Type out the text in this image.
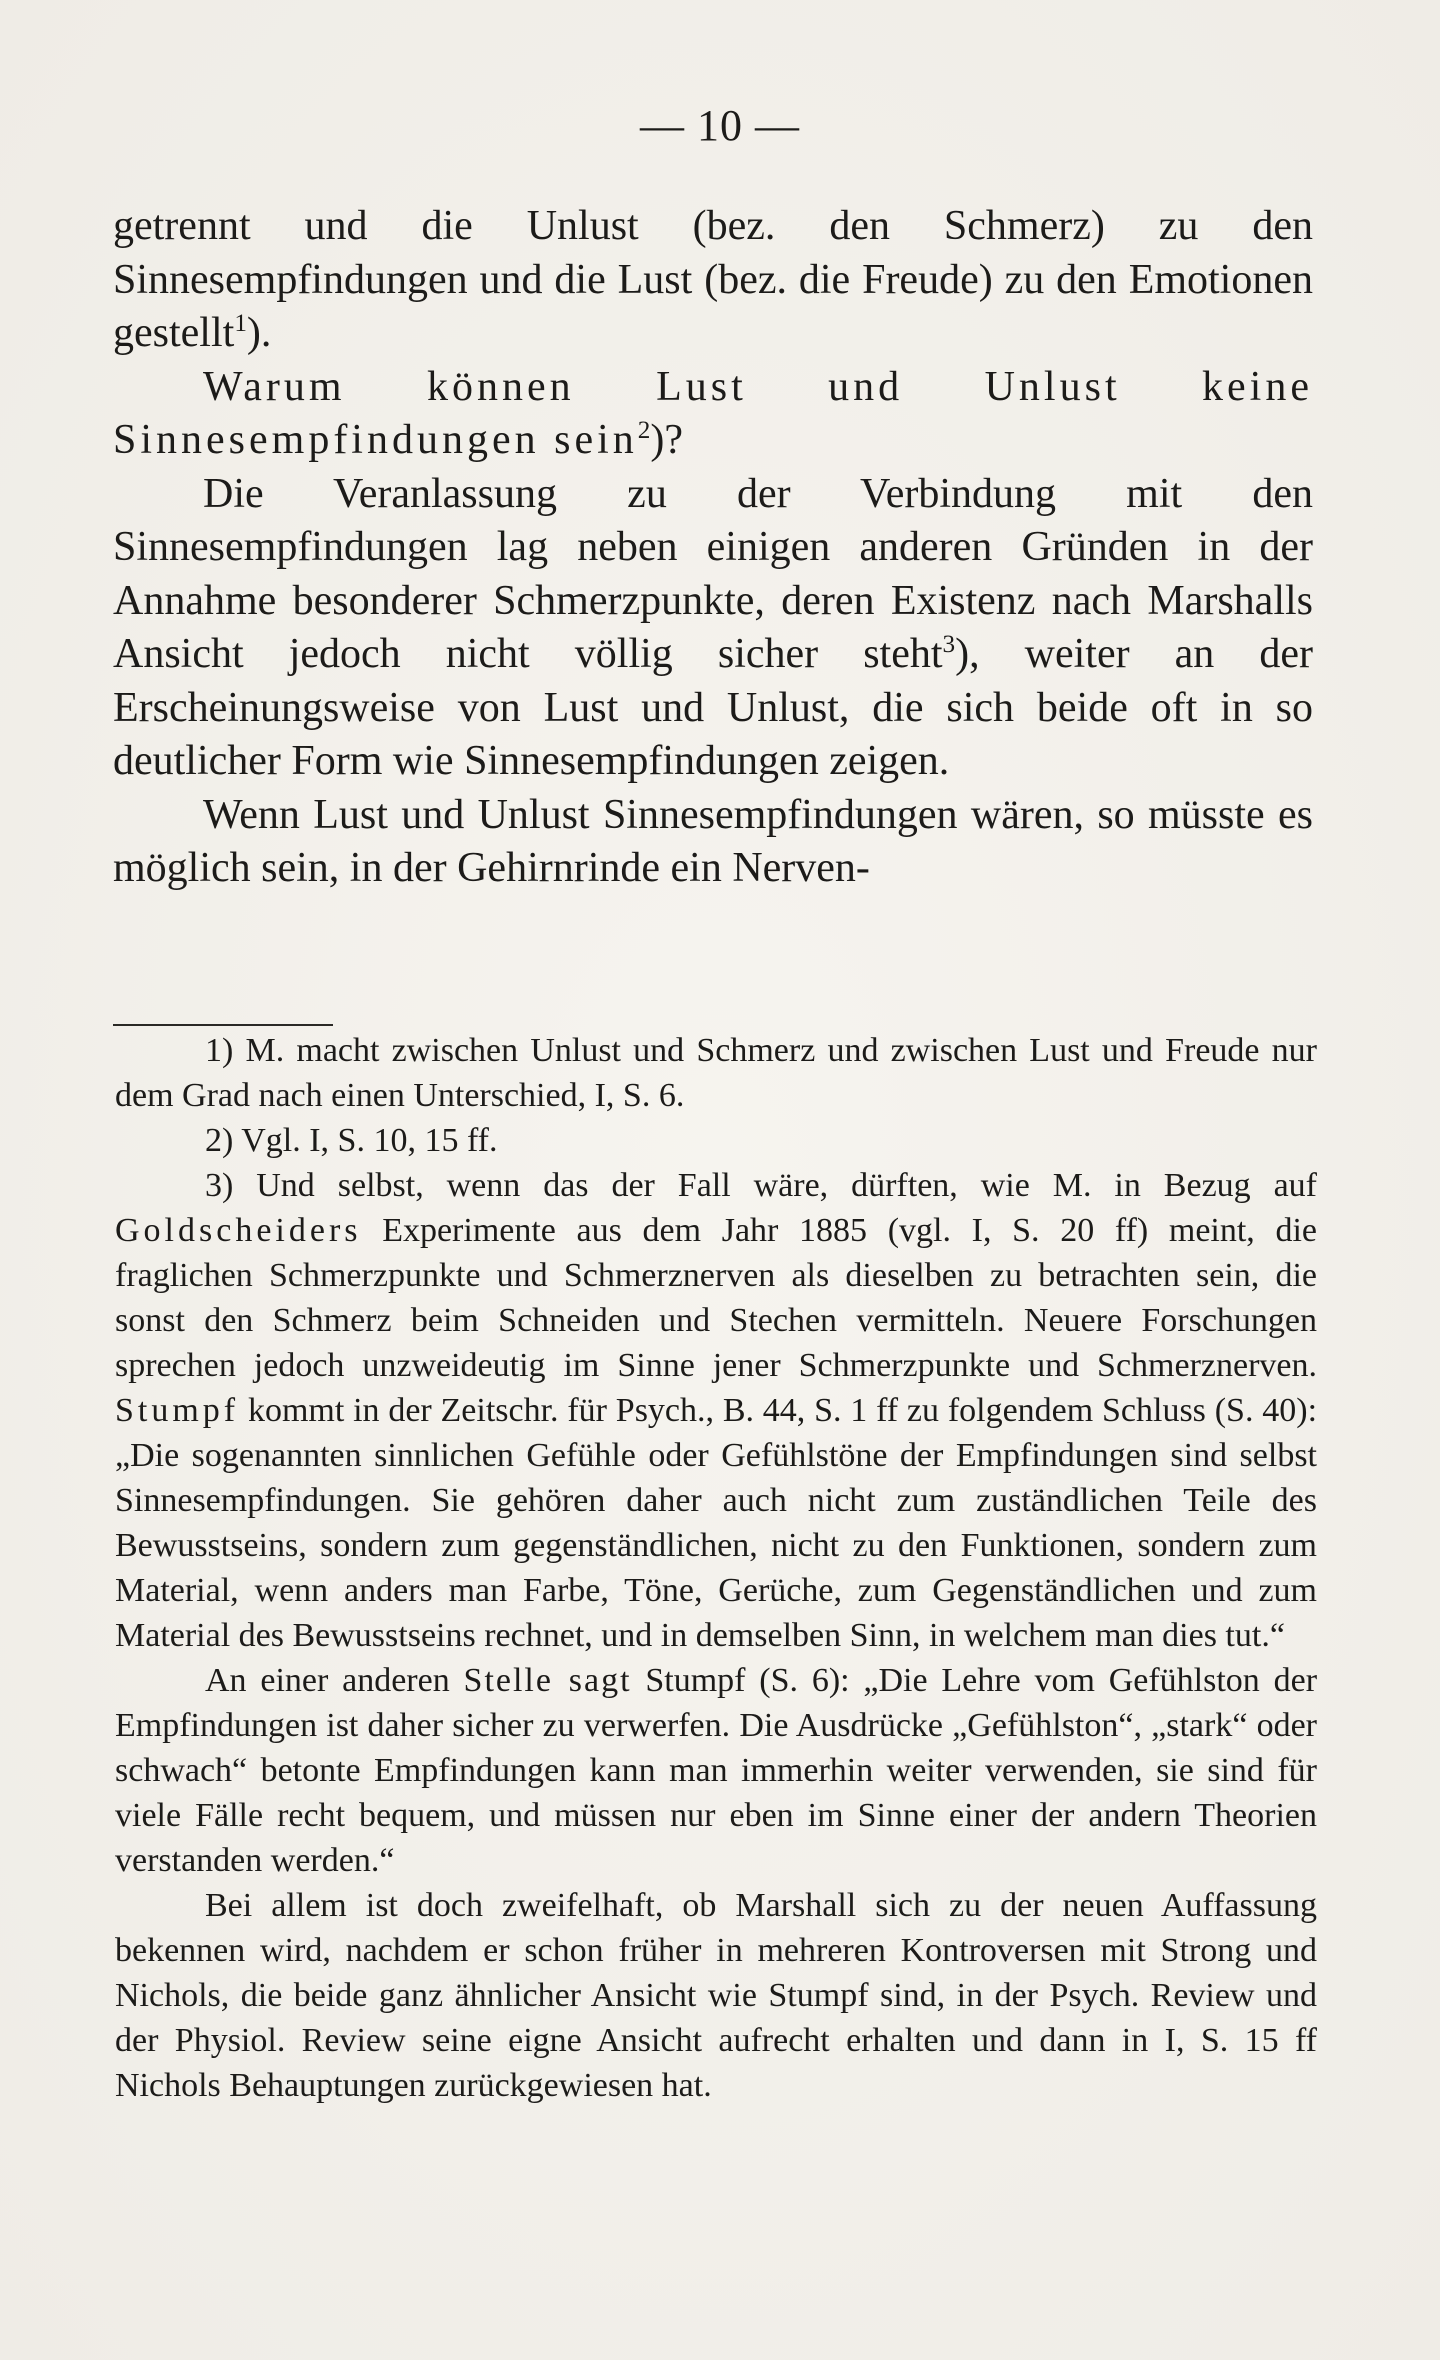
— 10 —

getrennt und die Unlust (bez. den Schmerz) zu den Sinnesempfindungen und die Lust (bez. die Freude) zu den Emotionen gestellt$^1$).

Warum können Lust und Unlust keine Sinnesempfindungen sein$^2$)?

Die Veranlassung zu der Verbindung mit den Sinnesempfindungen lag neben einigen anderen Gründen in der Annahme besonderer Schmerzpunkte, deren Existenz nach Marshalls Ansicht jedoch nicht völlig sicher steht$^3$), weiter an der Erscheinungsweise von Lust und Unlust, die sich beide oft in so deutlicher Form wie Sinnesempfindungen zeigen.

Wenn Lust und Unlust Sinnesempfindungen wären, so müsste es möglich sein, in der Gehirnrinde ein Nerven-

1) M. macht zwischen Unlust und Schmerz und zwischen Lust und Freude nur dem Grad nach einen Unterschied, I, S. 6.

2) Vgl. I, S. 10, 15 ff.

3) Und selbst, wenn das der Fall wäre, dürften, wie M. in Bezug auf Goldscheiders Experimente aus dem Jahr 1885 (vgl. I, S. 20 ff) meint, die fraglichen Schmerzpunkte und Schmerznerven als dieselben zu betrachten sein, die sonst den Schmerz beim Schneiden und Stechen vermitteln. Neuere Forschungen sprechen jedoch unzweideutig im Sinne jener Schmerzpunkte und Schmerznerven. Stumpf kommt in der Zeitschr. für Psych., B. 44, S. 1 ff zu folgendem Schluss (S. 40): „Die sogenannten sinnlichen Gefühle oder Gefühlstöne der Empfindungen sind selbst Sinnesempfindungen. Sie gehören daher auch nicht zum zuständlichen Teile des Bewusstseins, sondern zum gegenständlichen, nicht zu den Funktionen, sondern zum Material, wenn anders man Farbe, Töne, Gerüche, zum Gegenständlichen und zum Material des Bewusstseins rechnet, und in demselben Sinn, in welchem man dies tut.“

An einer anderen Stelle sagt Stumpf (S. 6): „Die Lehre vom Gefühlston der Empfindungen ist daher sicher zu verwerfen. Die Ausdrücke „Gefühlston“, „stark“ oder schwach“ betonte Empfindungen kann man immerhin weiter verwenden, sie sind für viele Fälle recht bequem, und müssen nur eben im Sinne einer der andern Theorien verstanden werden.“

Bei allem ist doch zweifelhaft, ob Marshall sich zu der neuen Auffassung bekennen wird, nachdem er schon früher in mehreren Kontroversen mit Strong und Nichols, die beide ganz ähnlicher Ansicht wie Stumpf sind, in der Psych. Review und der Physiol. Review seine eigne Ansicht aufrecht erhalten und dann in I, S. 15 ff Nichols Behauptungen zurückgewiesen hat.
